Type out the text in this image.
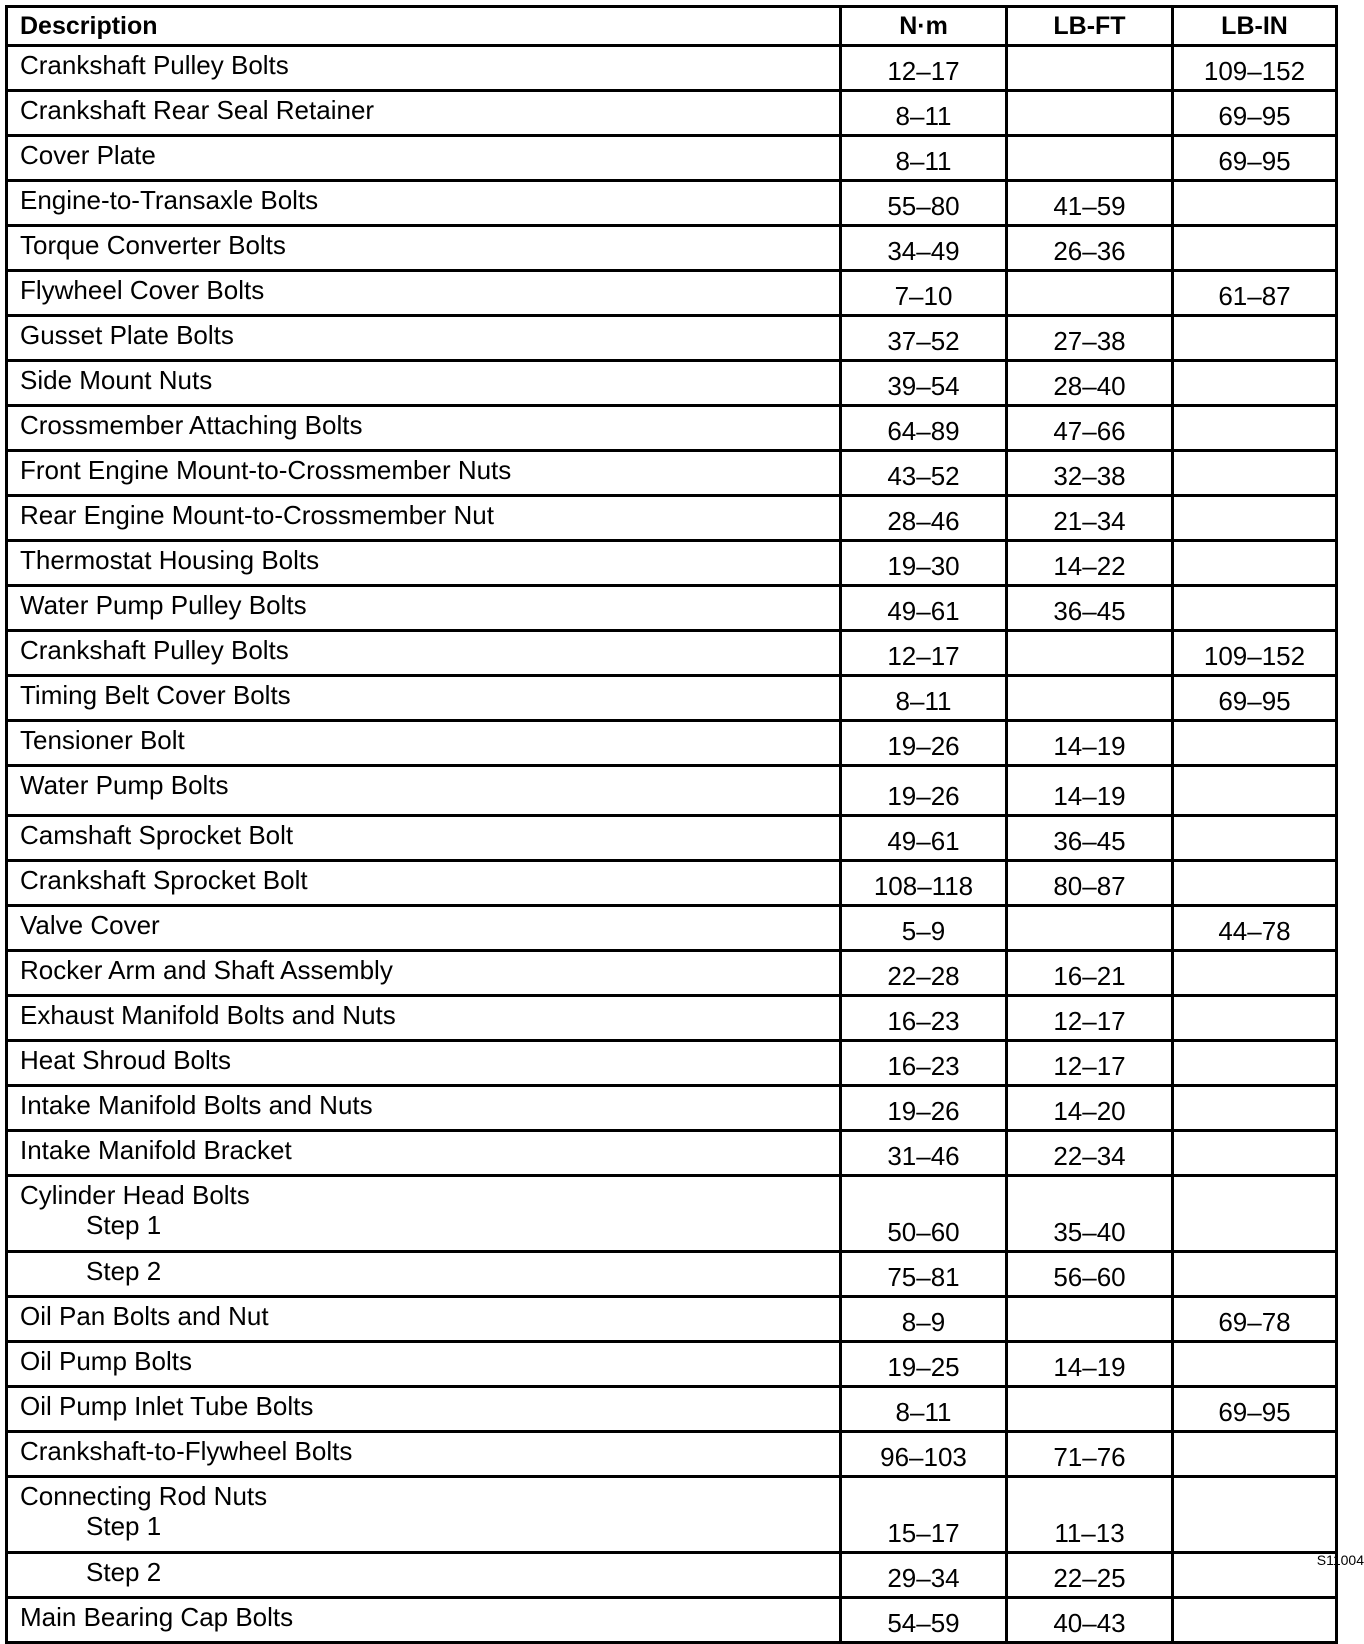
Description	N·m	LB-FT	LB-IN
Crankshaft Pulley Bolts	12–17		109–152
Crankshaft Rear Seal Retainer	8–11		69–95
Cover Plate	8–11		69–95
Engine-to-Transaxle Bolts	55–80	41–59	
Torque Converter Bolts	34–49	26–36	
Flywheel Cover Bolts	7–10		61–87
Gusset Plate Bolts	37–52	27–38	
Side Mount Nuts	39–54	28–40	
Crossmember Attaching Bolts	64–89	47–66	
Front Engine Mount-to-Crossmember Nuts	43–52	32–38	
Rear Engine Mount-to-Crossmember Nut	28–46	21–34	
Thermostat Housing Bolts	19–30	14–22	
Water Pump Pulley Bolts	49–61	36–45	
Crankshaft Pulley Bolts	12–17		109–152
Timing Belt Cover Bolts	8–11		69–95
Tensioner Bolt	19–26	14–19	
Water Pump Bolts	19–26	14–19	
Camshaft Sprocket Bolt	49–61	36–45	
Crankshaft Sprocket Bolt	108–118	80–87	
Valve Cover	5–9		44–78
Rocker Arm and Shaft Assembly	22–28	16–21	
Exhaust Manifold Bolts and Nuts	16–23	12–17	
Heat Shroud Bolts	16–23	12–17	
Intake Manifold Bolts and Nuts	19–26	14–20	
Intake Manifold Bracket	31–46	22–34	
Cylinder Head Bolts
Step 1	50–60	35–40	

Step 2	75–81	56–60	
Oil Pan Bolts and Nut	8–9		69–78
Oil Pump Bolts	19–25	14–19	
Oil Pump Inlet Tube Bolts	8–11		69–95
Crankshaft-to-Flywheel Bolts	96–103	71–76	
Connecting Rod Nuts
Step 1	15–17	11–13	

Step 2	29–34	22–25	
Main Bearing Cap Bolts	54–59	40–43	
S11004
